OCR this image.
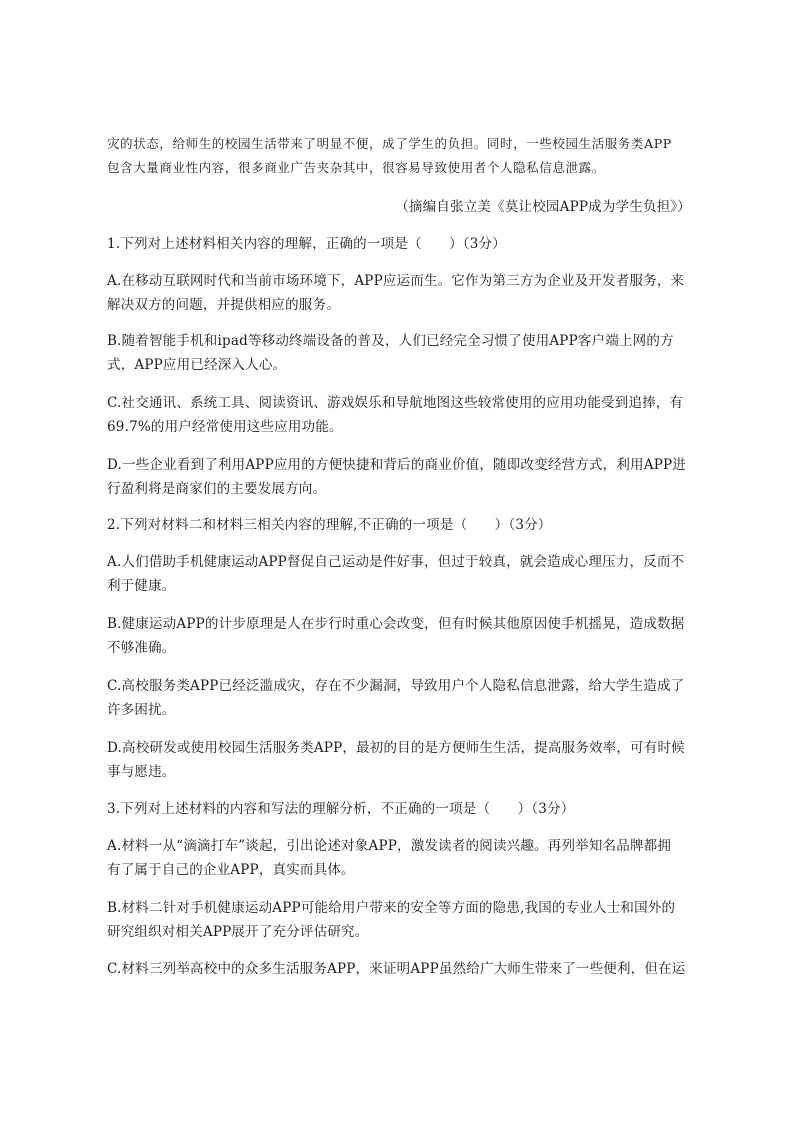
灾的状态，给师生的校园生活带来了明显不便，成了学生的负担。同时，一些校园生活服务类APP
包含大量商业性内容，很多商业广告夹杂其中，很容易导致使用者个人隐私信息泄露。

（摘编自张立美《莫让校园APP成为学生负担》）

1.下列对上述材料相关内容的理解，正确的一项是（　　）（3分）

A.在移动互联网时代和当前市场环境下，APP应运而生。它作为第三方为企业及开发者服务，来
解决双方的问题，并提供相应的服务。

B.随着智能手机和ipad等移动终端设备的普及，人们已经完全习惯了使用APP客户端上网的方
式，APP应用已经深入人心。

C.社交通讯、系统工具、阅读资讯、游戏娱乐和导航地图这些较常使用的应用功能受到追捧，有
69.7%的用户经常使用这些应用功能。

D.一些企业看到了利用APP应用的方便快捷和背后的商业价值，随即改变经营方式，利用APP进
行盈利将是商家们的主要发展方向。

2.下列对材料二和材料三相关内容的理解,不正确的一项是（　　）（3分）

A.人们借助手机健康运动APP督促自己运动是件好事，但过于较真，就会造成心理压力，反而不
利于健康。

B.健康运动APP的计步原理是人在步行时重心会改变，但有时候其他原因使手机摇晃，造成数据
不够准确。

C.高校服务类APP已经泛滥成灾，存在不少漏洞，导致用户个人隐私信息泄露，给大学生造成了
许多困扰。

D.高校研发或使用校园生活服务类APP，最初的目的是方便师生生活，提高服务效率，可有时候
事与愿违。

3.下列对上述材料的内容和写法的理解分析，不正确的一项是（　　）（3分）

A.材料一从“滴滴打车”谈起，引出论述对象APP，激发读者的阅读兴趣。再列举知名品牌都拥
有了属于自己的企业APP，真实而具体。

B.材料二针对手机健康运动APP可能给用户带来的安全等方面的隐患,我国的专业人士和国外的
研究组织对相关APP展开了充分评估研究。

C.材料三列举高校中的众多生活服务APP，来证明APP虽然给广大师生带来了一些便利，但在运
